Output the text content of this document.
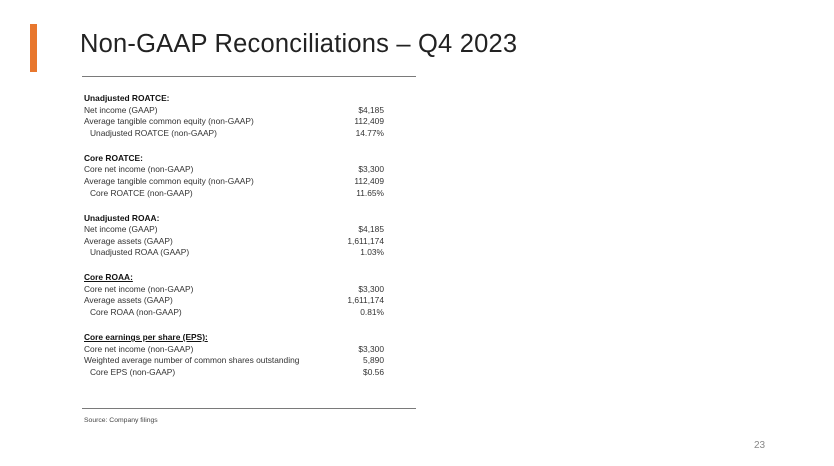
Non-GAAP Reconciliations – Q4 2023
Unadjusted ROATCE:
Net income (GAAP)	$4,185
Average tangible common equity (non-GAAP)	112,409
Unadjusted ROATCE (non-GAAP)	14.77%
Core ROATCE:
Core net income (non-GAAP)	$3,300
Average tangible common equity (non-GAAP)	112,409
Core ROATCE (non-GAAP)	11.65%
Unadjusted ROAA:
Net income (GAAP)	$4,185
Average assets (GAAP)	1,611,174
Unadjusted ROAA (GAAP)	1.03%
Core ROAA:
Core net income (non-GAAP)	$3,300
Average assets (GAAP)	1,611,174
Core ROAA (non-GAAP)	0.81%
Core earnings per share (EPS):
Core net income (non-GAAP)	$3,300
Weighted average number of common shares outstanding	5,890
Core EPS (non-GAAP)	$0.56
Source: Company filings
23
